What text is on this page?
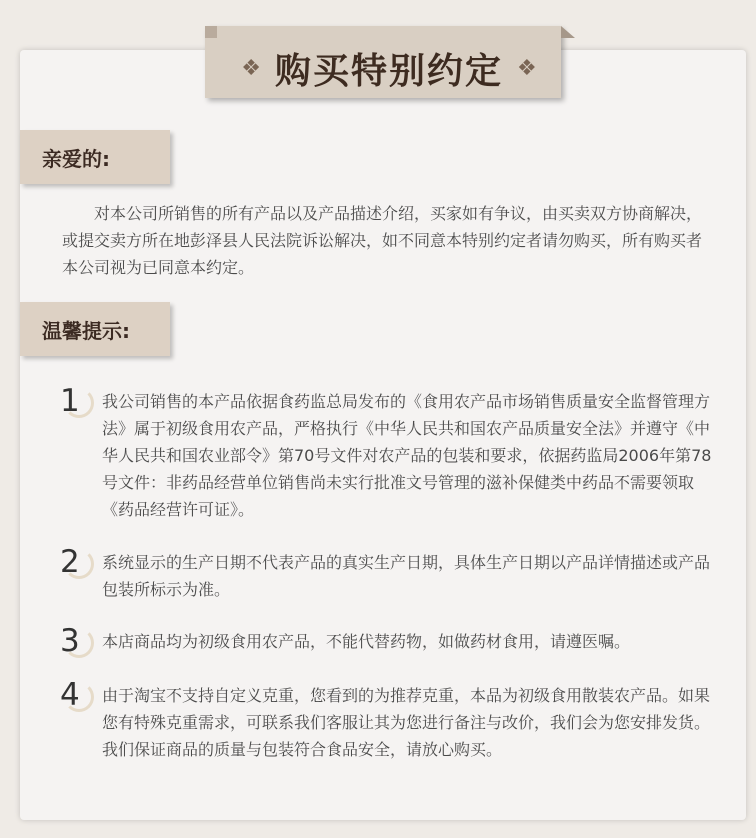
❖ 购买特别约定 ❖
亲爱的:

对本公司所销售的所有产品以及产品描述介绍，买家如有争议，由买卖双方协商解决，或提交卖方所在地彭泽县人民法院诉讼解决，如不同意本特别约定者请勿购买，所有购买者本公司视为已同意本约定。

温馨提示:
1	我公司销售的本产品依据食药监总局发布的《食用农产品市场销售质量安全监督管理方法》属于初级食用农产品，严格执行《中华人民共和国农产品质量安全法》并遵守《中华人民共和国农业部令》第70号文件对农产品的包装和要求，依据药监局2006年第78号文件：非药品经营单位销售尚未实行批准文号管理的滋补保健类中药品不需要领取《药品经营许可证》。

2	系统显示的生产日期不代表产品的真实生产日期，具体生产日期以产品详情描述或产品包装所标示为准。

3	本店商品均为初级食用农产品，不能代替药物，如做药材食用，请遵医嘱。

4	由于淘宝不支持自定义克重，您看到的为推荐克重，本品为初级食用散装农产品。如果您有特殊克重需求，可联系我们客服让其为您进行备注与改价，我们会为您安排发货。我们保证商品的质量与包装符合食品安全，请放心购买。
